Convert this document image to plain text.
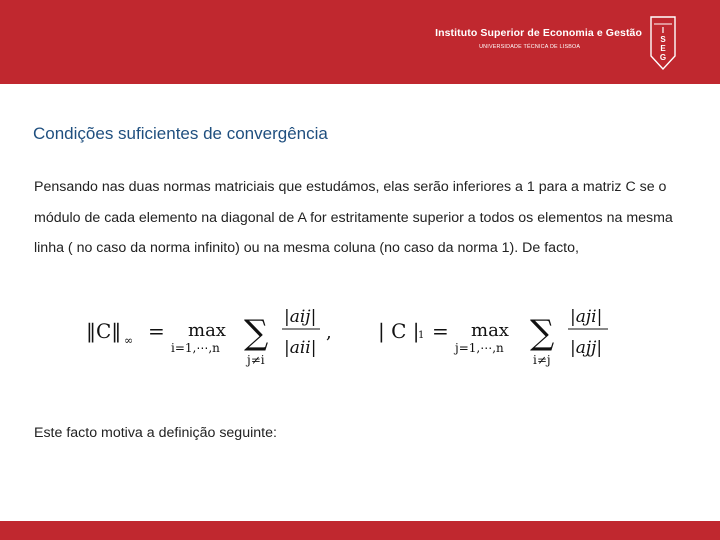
Instituto Superior de Economia e Gestão
UNIVERSIDADE TÉCNICA DE LISBOA
I
S
E
G
Condições suficientes de convergência
Pensando nas duas normas matriciais que estudámos, elas serão inferiores a 1 para a matriz C se o módulo de cada elemento na diagonal de A for estritamente superior a todos os elementos na mesma linha ( no caso da norma infinito) ou na mesma coluna (no caso da norma 1). De facto,
‖C‖ ∞ = max
i=1,⋯,n ∑
j≠i
|aij|
|aii|
, | C |
1 = max
j=1,⋯,n ∑
i≠j
|aji|
|ajj|
Este facto motiva a definição seguinte:
